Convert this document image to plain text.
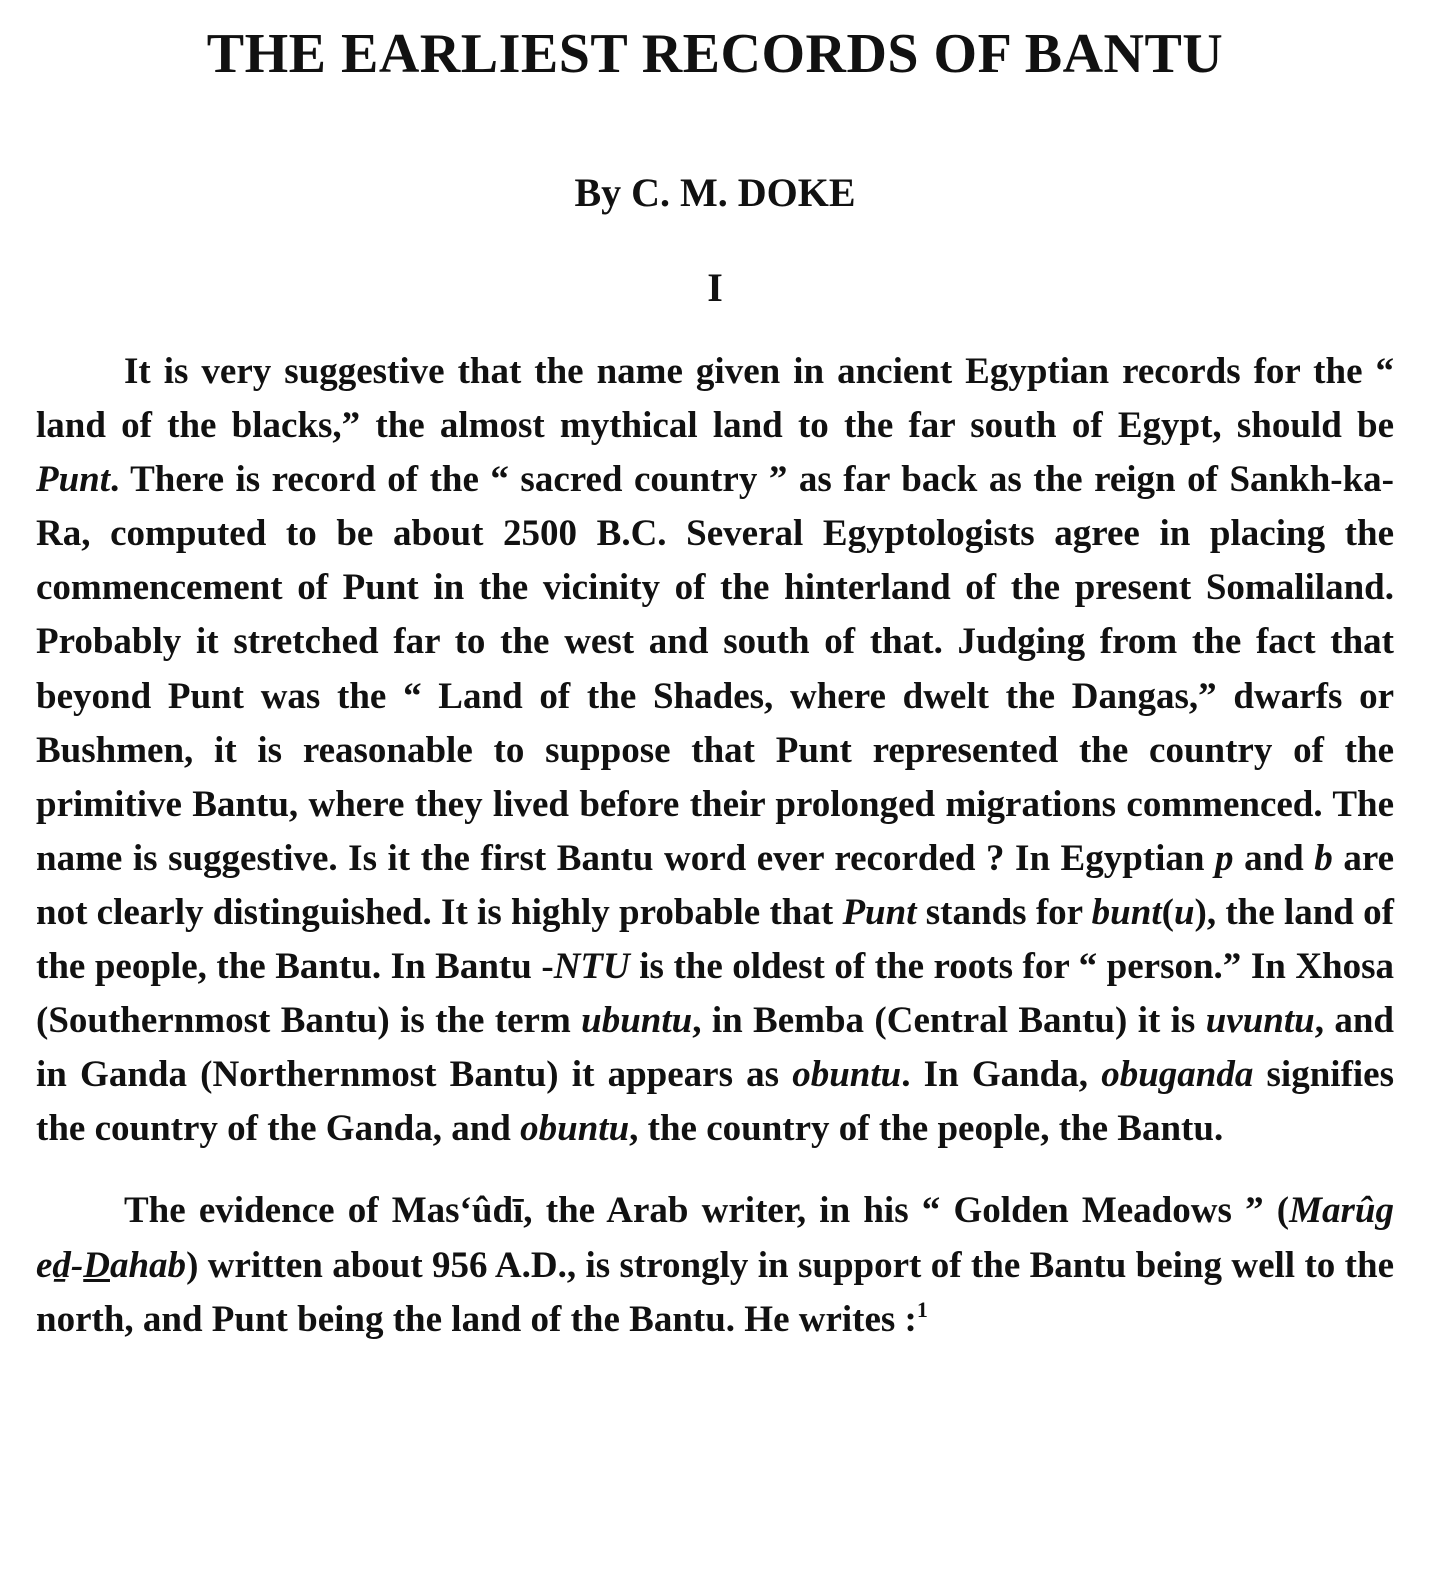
THE EARLIEST RECORDS OF BANTU
By C. M. DOKE
I

It is very suggestive that the name given in ancient Egyptian records for the “ land of the blacks,” the almost mythical land to the far south of Egypt, should be Punt. There is record of the “ sacred country ” as far back as the reign of Sankh-ka-Ra, computed to be about 2500 B.C. Several Egyptologists agree in placing the commencement of Punt in the vicinity of the hinterland of the present Somaliland. Probably it stretched far to the west and south of that. Judging from the fact that beyond Punt was the “ Land of the Shades, where dwelt the Dangas,” dwarfs or Bushmen, it is reasonable to suppose that Punt represented the country of the primitive Bantu, where they lived before their prolonged migrations commenced. The name is suggestive. Is it the first Bantu word ever recorded ? In Egyptian p and b are not clearly distinguished. It is highly probable that Punt stands for bunt(u), the land of the people, the Bantu. In Bantu -NTU is the oldest of the roots for “ person.” In Xhosa (Southernmost Bantu) is the term ubuntu, in Bemba (Central Bantu) it is uvuntu, and in Ganda (Northernmost Bantu) it appears as obuntu. In Ganda, obuganda signifies the country of the Ganda, and obuntu, the country of the people, the Bantu.

The evidence of Mas‘ûdī, the Arab writer, in his “ Golden Meadows ” (Marûg eḏ-Dahab) written about 956 A.D., is strongly in support of the Bantu being well to the north, and Punt being the land of the Bantu. He writes :$^1$
